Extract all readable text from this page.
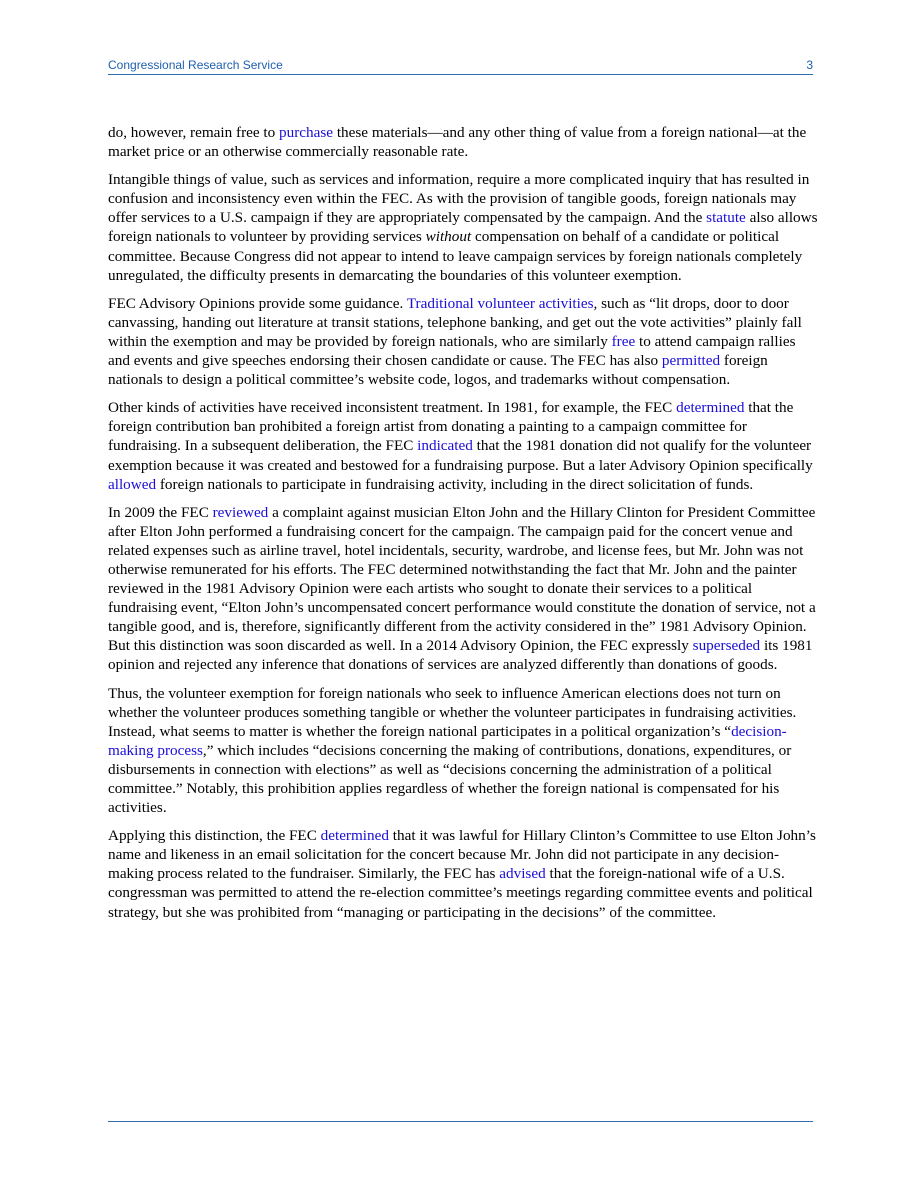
Congressional Research Service	3

do, however, remain free to purchase these materials—and any other thing of value from a foreign national—at the market price or an otherwise commercially reasonable rate.

Intangible things of value, such as services and information, require a more complicated inquiry that has resulted in confusion and inconsistency even within the FEC. As with the provision of tangible goods, foreign nationals may offer services to a U.S. campaign if they are appropriately compensated by the campaign. And the statute also allows foreign nationals to volunteer by providing services without compensation on behalf of a candidate or political committee. Because Congress did not appear to intend to leave campaign services by foreign nationals completely unregulated, the difficulty presents in demarcating the boundaries of this volunteer exemption.

FEC Advisory Opinions provide some guidance. Traditional volunteer activities, such as “lit drops, door to door canvassing, handing out literature at transit stations, telephone banking, and get out the vote activities” plainly fall within the exemption and may be provided by foreign nationals, who are similarly free to attend campaign rallies and events and give speeches endorsing their chosen candidate or cause. The FEC has also permitted foreign nationals to design a political committee’s website code, logos, and trademarks without compensation.

Other kinds of activities have received inconsistent treatment. In 1981, for example, the FEC determined that the foreign contribution ban prohibited a foreign artist from donating a painting to a campaign committee for fundraising. In a subsequent deliberation, the FEC indicated that the 1981 donation did not qualify for the volunteer exemption because it was created and bestowed for a fundraising purpose. But a later Advisory Opinion specifically allowed foreign nationals to participate in fundraising activity, including in the direct solicitation of funds.

In 2009 the FEC reviewed a complaint against musician Elton John and the Hillary Clinton for President Committee after Elton John performed a fundraising concert for the campaign. The campaign paid for the concert venue and related expenses such as airline travel, hotel incidentals, security, wardrobe, and license fees, but Mr. John was not otherwise remunerated for his efforts. The FEC determined notwithstanding the fact that Mr. John and the painter reviewed in the 1981 Advisory Opinion were each artists who sought to donate their services to a political fundraising event, “Elton John’s uncompensated concert performance would constitute the donation of service, not a tangible good, and is, therefore, significantly different from the activity considered in the” 1981 Advisory Opinion. But this distinction was soon discarded as well. In a 2014 Advisory Opinion, the FEC expressly superseded its 1981 opinion and rejected any inference that donations of services are analyzed differently than donations of goods.

Thus, the volunteer exemption for foreign nationals who seek to influence American elections does not turn on whether the volunteer produces something tangible or whether the volunteer participates in fundraising activities. Instead, what seems to matter is whether the foreign national participates in a political organization’s “decision-making process,” which includes “decisions concerning the making of contributions, donations, expenditures, or disbursements in connection with elections” as well as “decisions concerning the administration of a political committee.” Notably, this prohibition applies regardless of whether the foreign national is compensated for his activities.

Applying this distinction, the FEC determined that it was lawful for Hillary Clinton’s Committee to use Elton John’s name and likeness in an email solicitation for the concert because Mr. John did not participate in any decision-making process related to the fundraiser. Similarly, the FEC has advised that the foreign-national wife of a U.S. congressman was permitted to attend the re-election committee’s meetings regarding committee events and political strategy, but she was prohibited from “managing or participating in the decisions” of the committee.
